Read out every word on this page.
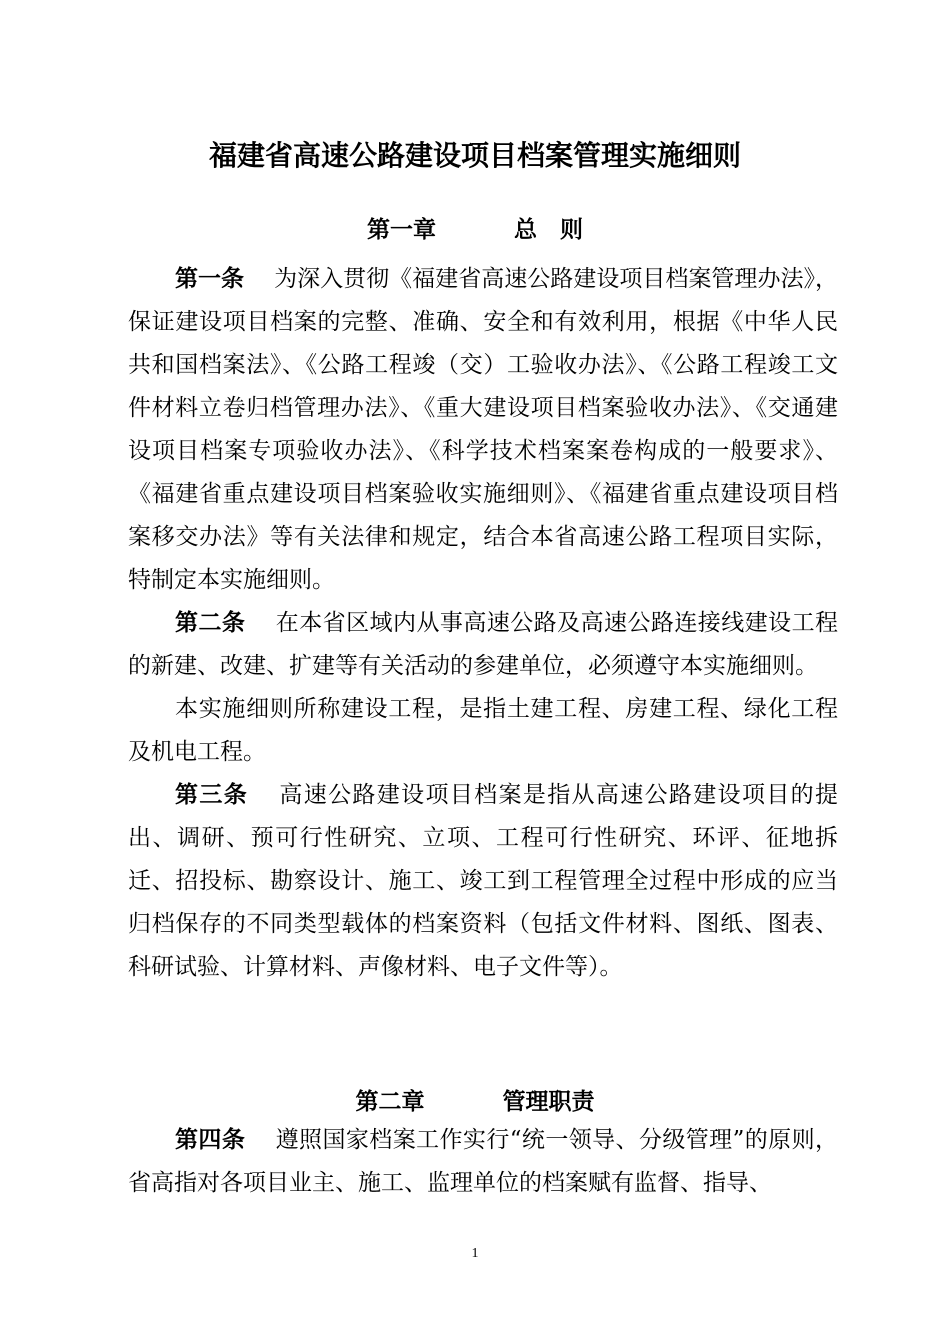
福建省高速公路建设项目档案管理实施细则
第一章	总　则

第一条 为深入贯彻《福建省高速公路建设项目档案管理办法》，保证建设项目档案的完整、准确、安全和有效利用，根据《中华人民共和国档案法》、《公路工程竣（交）工验收办法》、《公路工程竣工文件材料立卷归档管理办法》、《重大建设项目档案验收办法》、《交通建设项目档案专项验收办法》、《科学技术档案案卷构成的一般要求》、《福建省重点建设项目档案验收实施细则》、《福建省重点建设项目档案移交办法》等有关法律和规定，结合本省高速公路工程项目实际，特制定本实施细则。

第二条 在本省区域内从事高速公路及高速公路连接线建设工程的新建、改建、扩建等有关活动的参建单位，必须遵守本实施细则。

本实施细则所称建设工程，是指土建工程、房建工程、绿化工程及机电工程。

第三条 高速公路建设项目档案是指从高速公路建设项目的提出、调研、预可行性研究、立项、工程可行性研究、环评、征地拆迁、招投标、勘察设计、施工、竣工到工程管理全过程中形成的应当归档保存的不同类型载体的档案资料（包括文件材料、图纸、图表、科研试验、计算材料、声像材料、电子文件等）。

第二章	管理职责

第四条 遵照国家档案工作实行“统一领导、分级管理”的原则，省高指对各项目业主、施工、监理单位的档案赋有监督、指导、

1
